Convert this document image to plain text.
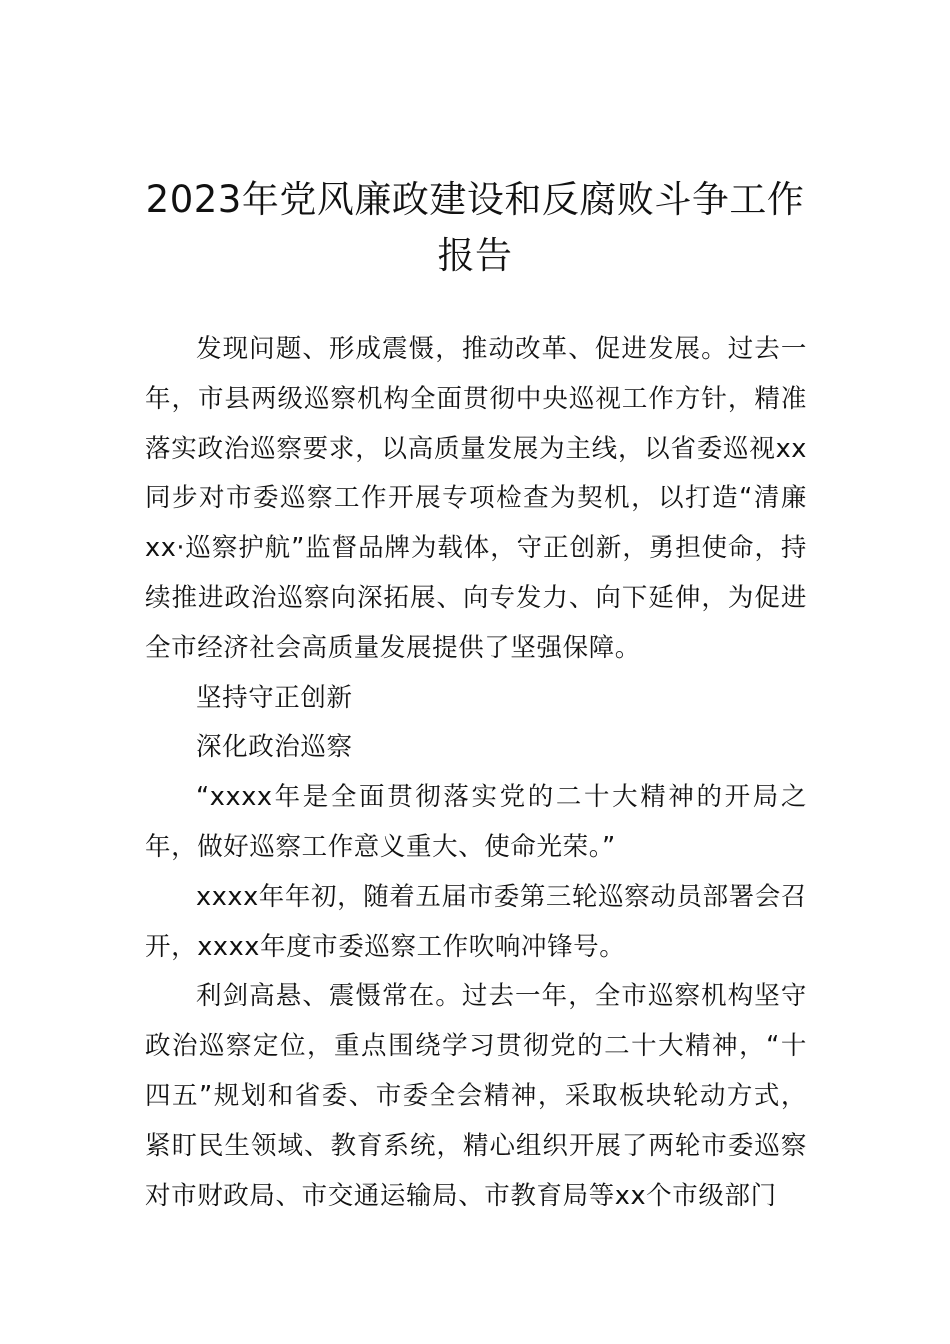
2023年党风廉政建设和反腐败斗争工作报告

发现问题、形成震慑，推动改革、促进发展。过去一年，市县两级巡察机构全面贯彻中央巡视工作方针，精准落实政治巡察要求，以高质量发展为主线，以省委巡视xx同步对市委巡察工作开展专项检查为契机，以打造“清廉xx·巡察护航”监督品牌为载体，守正创新，勇担使命，持续推进政治巡察向深拓展、向专发力、向下延伸，为促进全市经济社会高质量发展提供了坚强保障。

坚持守正创新

深化政治巡察

“xxxx年是全面贯彻落实党的二十大精神的开局之年，做好巡察工作意义重大、使命光荣。”

xxxx年年初，随着五届市委第三轮巡察动员部署会召开，xxxx年度市委巡察工作吹响冲锋号。

利剑高悬、震慑常在。过去一年，全市巡察机构坚守政治巡察定位，重点围绕学习贯彻党的二十大精神，“十四五”规划和省委、市委全会精神，采取板块轮动方式，紧盯民生领域、教育系统，精心组织开展了两轮市委巡察对市财政局、市交通运输局、市教育局等xx个市级部门
